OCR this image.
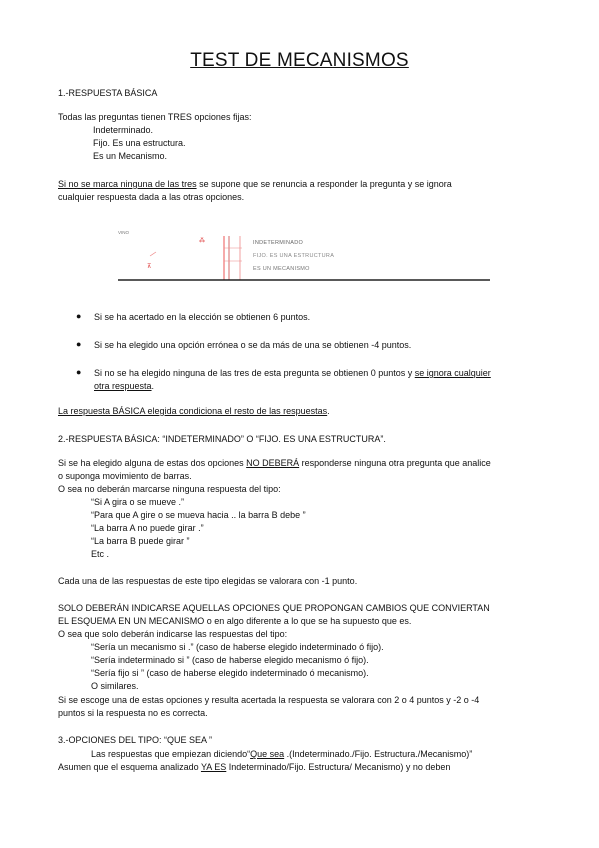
TEST DE MECANISMOS
1.-RESPUESTA BÁSICA
Todas las preguntas tienen TRES opciones fijas:
Indeterminado.
Fijo. Es una estructura.
Es un Mecanismo.
Si no se marca ninguna de las tres se supone que se renuncia a responder la pregunta y se ignora
cualquier respuesta dada a las otras opciones.
VINO
⁂
⊼
INDETERMINADO
FIJO. ES UNA ESTRUCTURA
ES UN MECANISMO
● Si se ha acertado en la elección se obtienen 6 puntos.
● Si se ha elegido una opción errónea o se da más de una se obtienen -4 puntos.
● Si no se ha elegido ninguna de las tres de esta pregunta se obtienen 0 puntos y se ignora cualquier
otra respuesta.
La respuesta BÁSICA elegida condiciona el resto de las respuestas.
2.-RESPUESTA BÁSICA: “INDETERMINADO” O “FIJO. ES UNA ESTRUCTURA”.
Si se ha elegido alguna de estas dos opciones NO DEBERÁ responderse ninguna otra pregunta que analice
o suponga movimiento de barras.
O sea no deberán marcarse ninguna respuesta del tipo:
“Si A gira o se mueve .”
“Para que A gire o se mueva hacia .. la barra B debe ”
“La barra A no puede girar .”
“La barra B puede girar ”
Etc .
Cada una de las respuestas de este tipo elegidas se valorara con -1 punto.
SOLO DEBERÁN INDICARSE AQUELLAS OPCIONES QUE PROPONGAN CAMBIOS QUE CONVIERTAN
EL ESQUEMA EN UN MECANISMO o en algo diferente a lo que se ha supuesto que es.
O sea que solo deberán indicarse las respuestas del tipo:
“Sería un mecanismo si .” (caso de haberse elegido indeterminado ó fijo).
“Sería indeterminado si ” (caso de haberse elegido mecanismo ó fijo).
“Sería fijo si ” (caso de haberse elegido indeterminado ó mecanismo).
O similares.
Si se escoge una de estas opciones y resulta acertada la respuesta se valorara con 2 o 4 puntos y -2 o -4
puntos si la respuesta no es correcta.
3.-OPCIONES DEL TIPO: “QUE SEA ”
Las respuestas que empiezan diciendo“Que sea .(Indeterminado./Fijo. Estructura./Mecanismo)”
Asumen que el esquema analizado YA ES Indeterminado/Fijo. Estructura/ Mecanismo) y no deben
